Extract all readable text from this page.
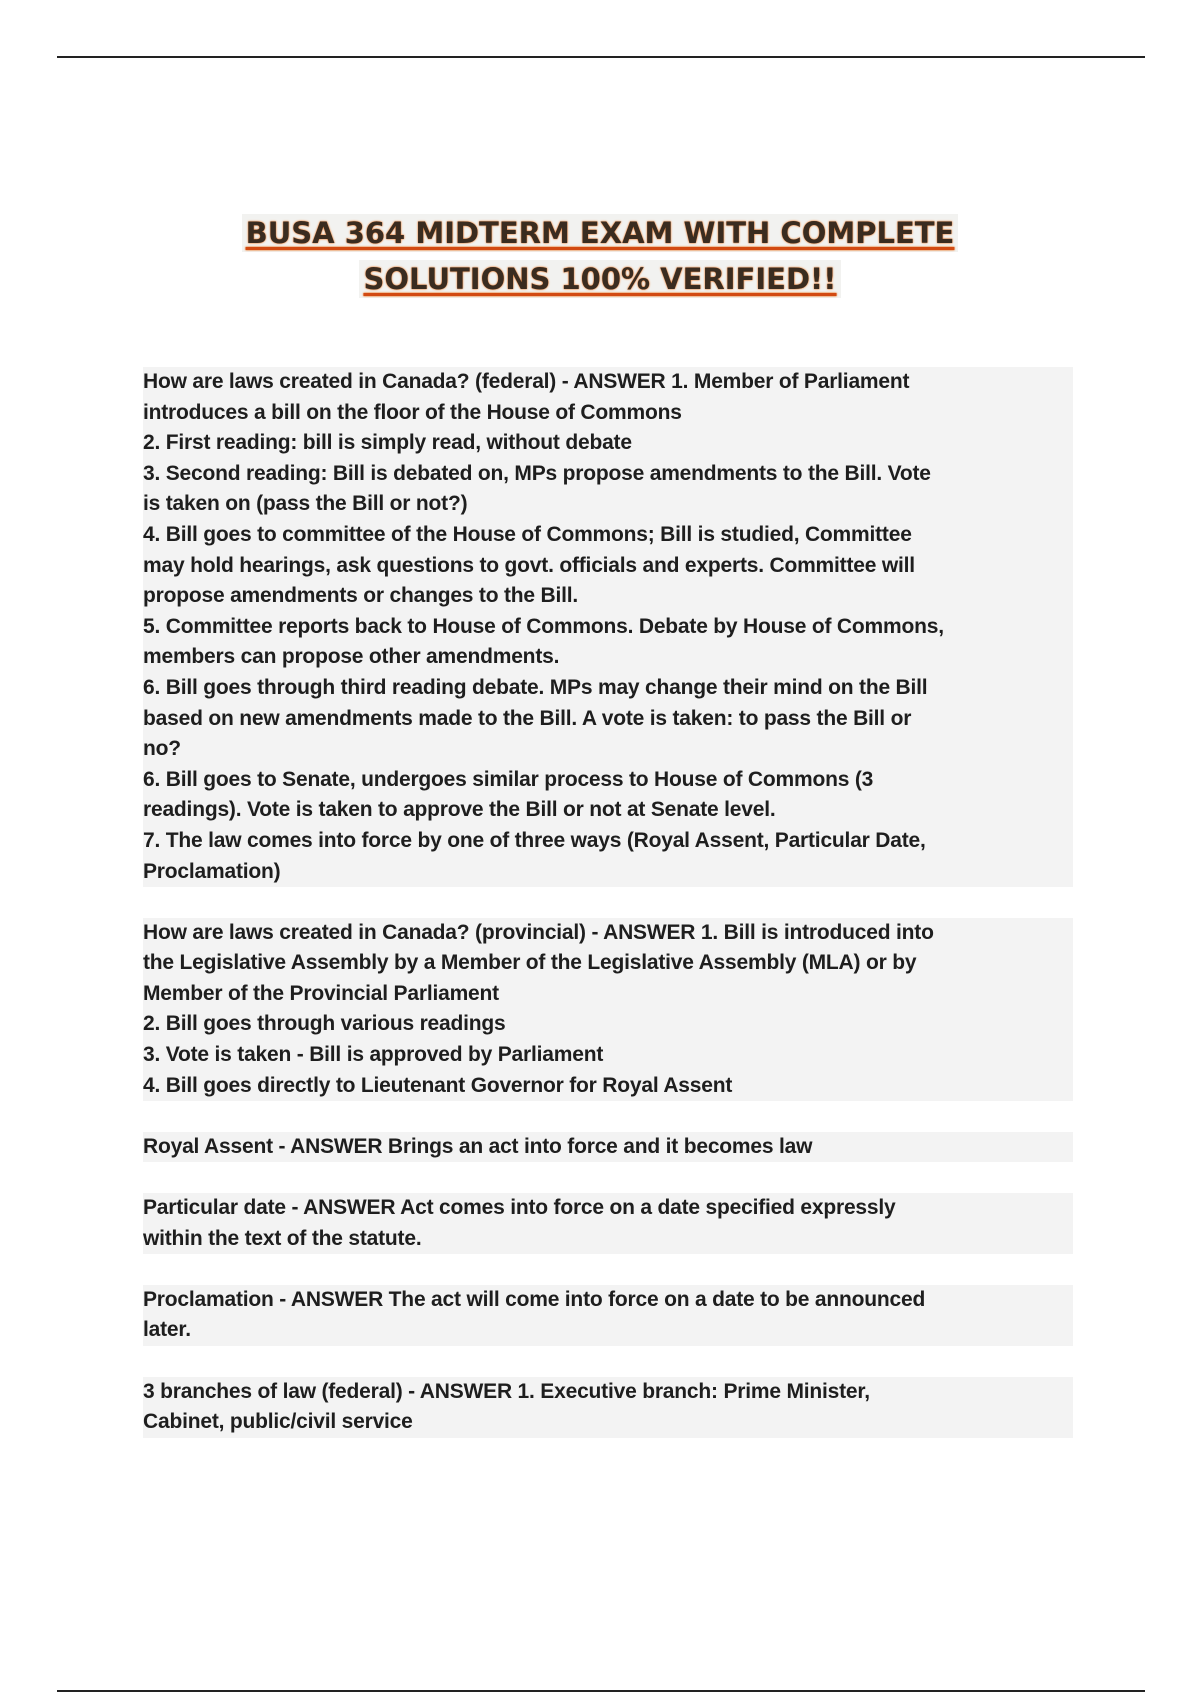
BUSA 364 MIDTERM EXAM WITH COMPLETE
SOLUTIONS 100% VERIFIED!!
How are laws created in Canada? (federal) - ANSWER 1. Member of Parliament
introduces a bill on the floor of the House of Commons
2. First reading: bill is simply read, without debate
3. Second reading: Bill is debated on, MPs propose amendments to the Bill. Vote
is taken on (pass the Bill or not?)
4. Bill goes to committee of the House of Commons; Bill is studied, Committee
may hold hearings, ask questions to govt. officials and experts. Committee will
propose amendments or changes to the Bill.
5. Committee reports back to House of Commons. Debate by House of Commons,
members can propose other amendments.
6. Bill goes through third reading debate. MPs may change their mind on the Bill
based on new amendments made to the Bill. A vote is taken: to pass the Bill or
no?
6. Bill goes to Senate, undergoes similar process to House of Commons (3
readings). Vote is taken to approve the Bill or not at Senate level.
7. The law comes into force by one of three ways (Royal Assent, Particular Date,
Proclamation)
How are laws created in Canada? (provincial) - ANSWER 1. Bill is introduced into
the Legislative Assembly by a Member of the Legislative Assembly (MLA) or by
Member of the Provincial Parliament
2. Bill goes through various readings
3. Vote is taken - Bill is approved by Parliament
4. Bill goes directly to Lieutenant Governor for Royal Assent
Royal Assent - ANSWER Brings an act into force and it becomes law
Particular date - ANSWER Act comes into force on a date specified expressly
within the text of the statute.
Proclamation - ANSWER The act will come into force on a date to be announced
later.
3 branches of law (federal) - ANSWER 1. Executive branch: Prime Minister,
Cabinet, public/civil service
